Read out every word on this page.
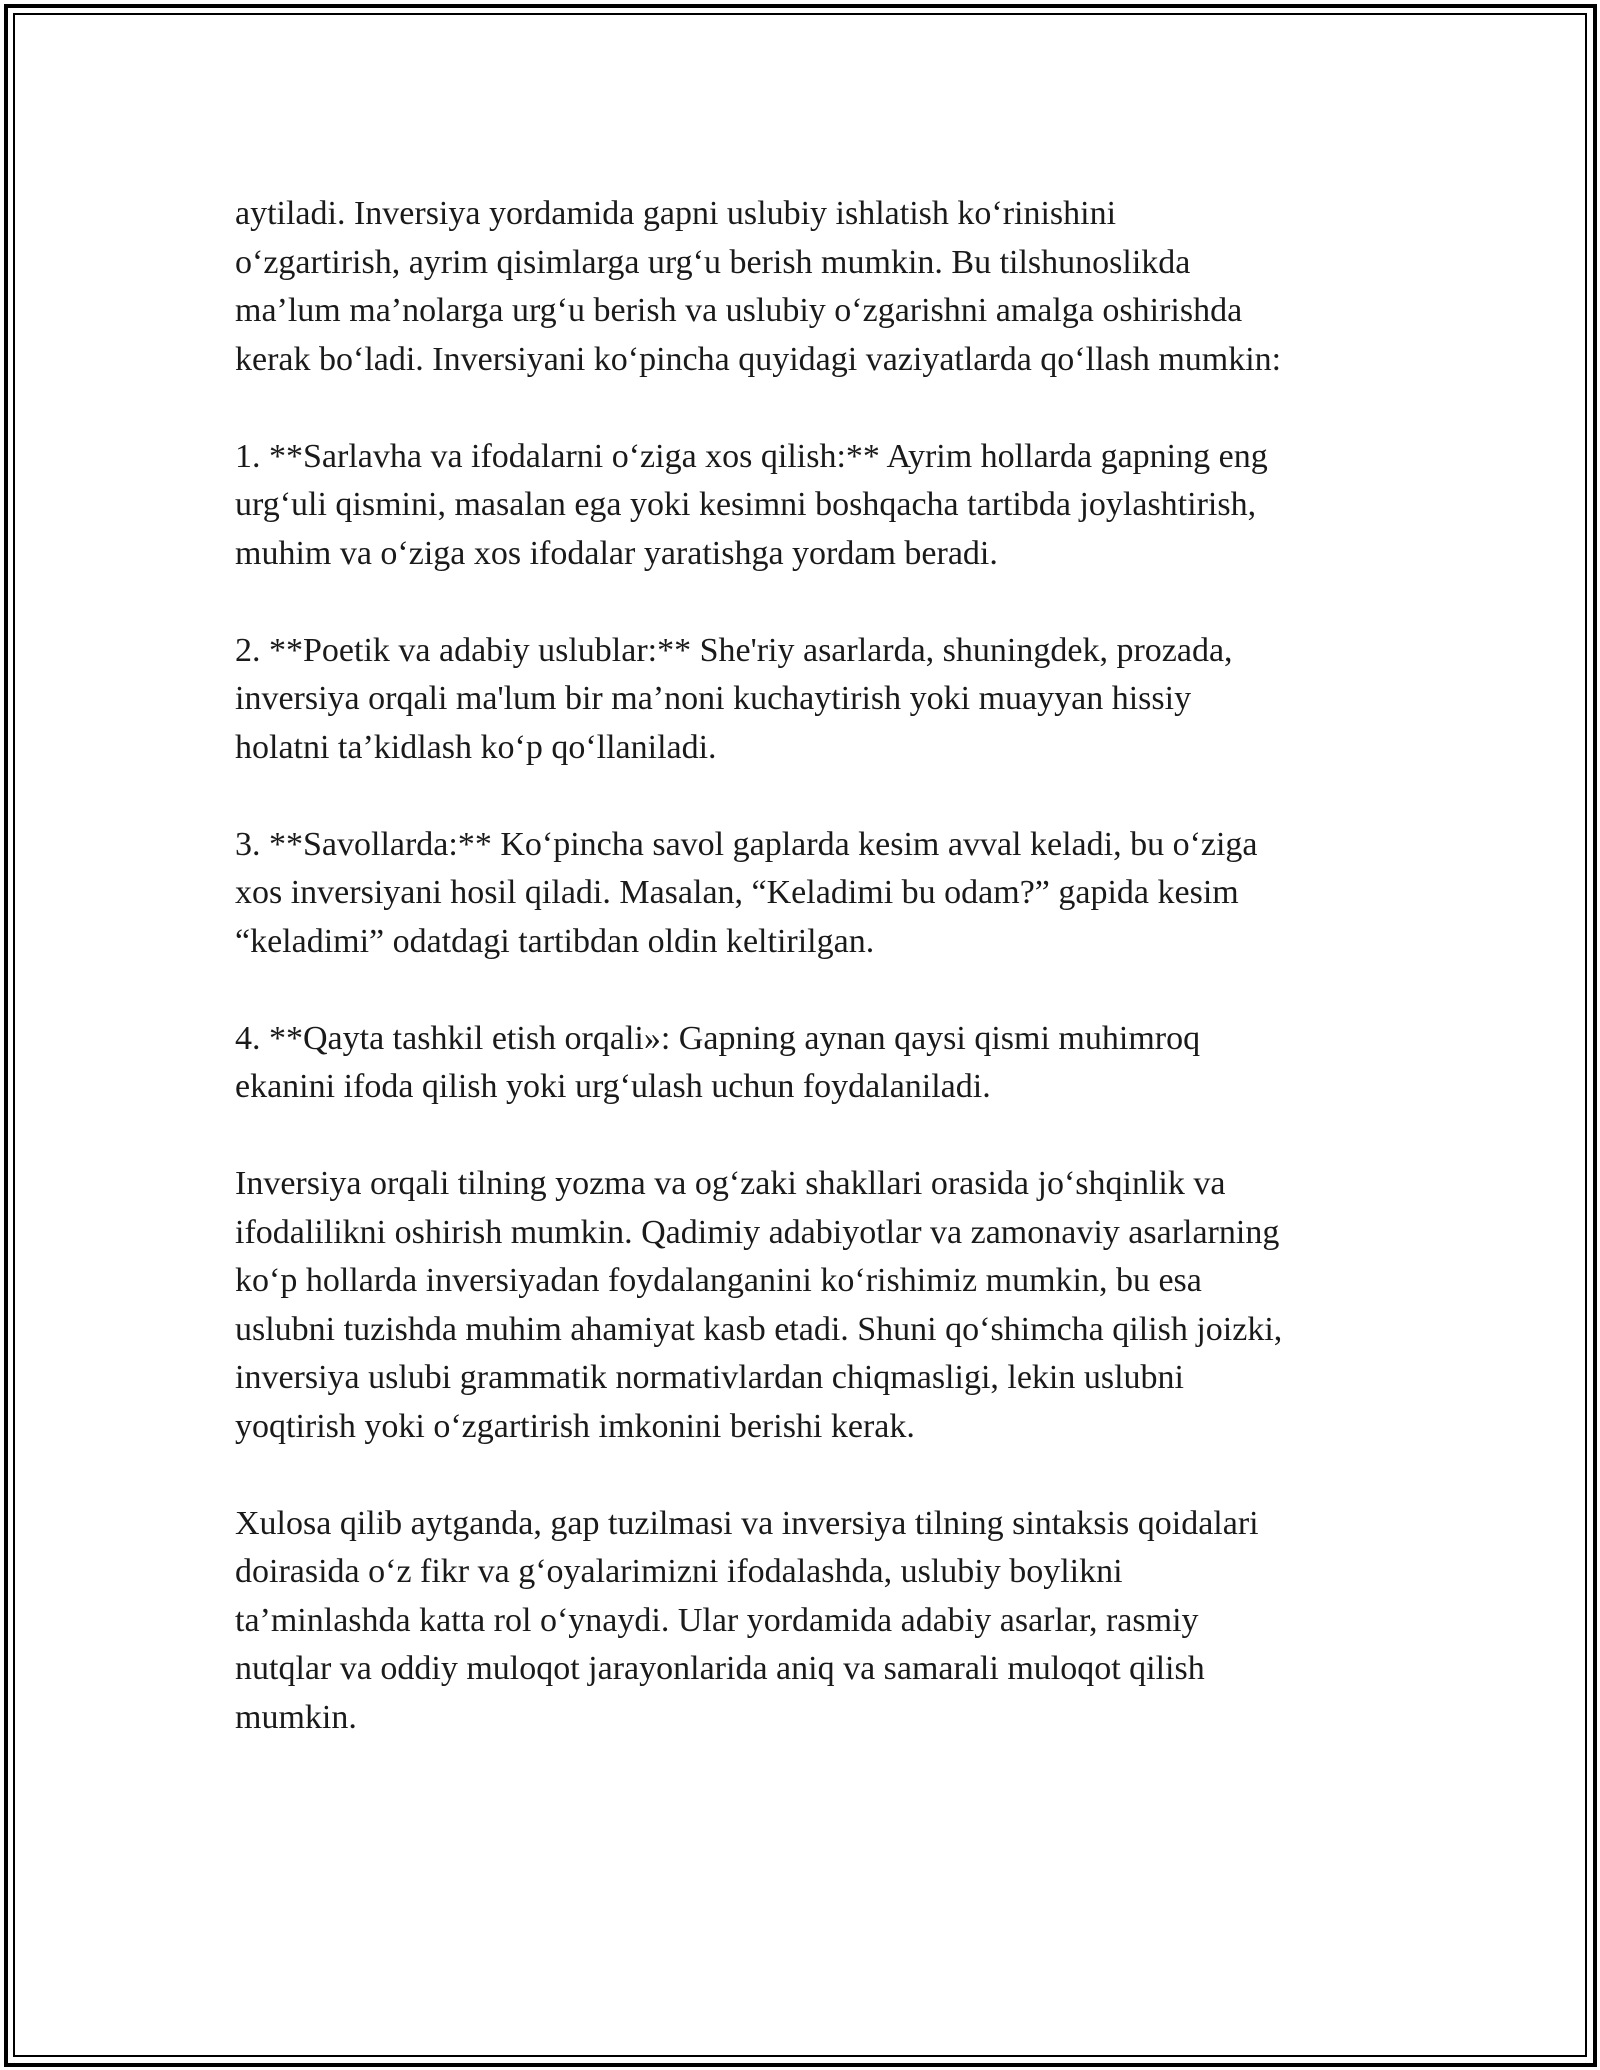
aytiladi. Inversiya yordamida gapni uslubiy ishlatish ko‘rinishini
o‘zgartirish, ayrim qisimlarga urg‘u berish mumkin. Bu tilshunoslikda
ma’lum ma’nolarga urg‘u berish va uslubiy o‘zgarishni amalga oshirishda
kerak bo‘ladi. Inversiyani ko‘pincha quyidagi vaziyatlarda qo‘llash mumkin:

1. **Sarlavha va ifodalarni o‘ziga xos qilish:** Ayrim hollarda gapning eng
urg‘uli qismini, masalan ega yoki kesimni boshqacha tartibda joylashtirish,
muhim va o‘ziga xos ifodalar yaratishga yordam beradi.

2. **Poetik va adabiy uslublar:** She'riy asarlarda, shuningdek, prozada,
inversiya orqali ma'lum bir ma’noni kuchaytirish yoki muayyan hissiy
holatni ta’kidlash ko‘p qo‘llaniladi.

3. **Savollarda:** Ko‘pincha savol gaplarda kesim avval keladi, bu o‘ziga
xos inversiyani hosil qiladi. Masalan, “Keladimi bu odam?” gapida kesim
“keladimi” odatdagi tartibdan oldin keltirilgan.

4. **Qayta tashkil etish orqali»: Gapning aynan qaysi qismi muhimroq
ekanini ifoda qilish yoki urg‘ulash uchun foydalaniladi.

Inversiya orqali tilning yozma va og‘zaki shakllari orasida jo‘shqinlik va
ifodalilikni oshirish mumkin. Qadimiy adabiyotlar va zamonaviy asarlarning
ko‘p hollarda inversiyadan foydalanganini ko‘rishimiz mumkin, bu esa
uslubni tuzishda muhim ahamiyat kasb etadi. Shuni qo‘shimcha qilish joizki,
inversiya uslubi grammatik normativlardan chiqmasligi, lekin uslubni
yoqtirish yoki o‘zgartirish imkonini berishi kerak.

Xulosa qilib aytganda, gap tuzilmasi va inversiya tilning sintaksis qoidalari
doirasida o‘z fikr va g‘oyalarimizni ifodalashda, uslubiy boylikni
ta’minlashda katta rol o‘ynaydi. Ular yordamida adabiy asarlar, rasmiy
nutqlar va oddiy muloqot jarayonlarida aniq va samarali muloqot qilish
mumkin.
